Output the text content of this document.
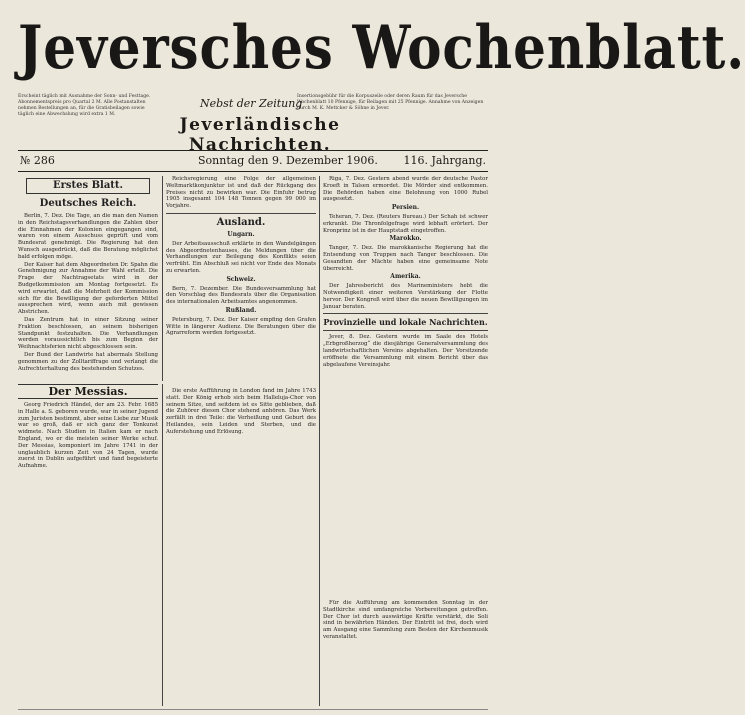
Jeversches Wochenblatt.
Erscheint täglich mit Ausnahme der Sonn- und Festtage. Abonnementspreis pro Quartal 2 M. Alle Postanstalten nehmen Bestellungen an, für die Gratisbeilagen sowie täglich eine Abwechslung wird extra 1 M.
Nebst der Zeitung
Insertionsgebühr für die Korpuszeile oder deren Raum für das Jeversche Wochenblatt 10 Pfennige, für Beilagen mit 25 Pfennige. Annahme von Anzeigen durch M. K. Mettcker & Söhne in Jever.
Jeverländische Nachrichten.
№ 286	Sonntag den 9. Dezember 1906. 116. Jahrgang.
Erstes Blatt.
Deutsches Reich.

Berlin, 7. Dez. Die Tage, an die man den Namen in den Reichstagsverhandlungen die Zahlen über die Einnahmen der Kolonien eingegangen sind, waren von einem Ausschuss geprüft und vom Bundesrat genehmigt. Die Regierung hat den Wunsch ausgedrückt, daß die Beratung möglichst bald erfolgen möge.

Der Kaiser hat dem Abgeordneten Dr. Spahn die Genehmigung zur Annahme der Wahl erteilt. Die Frage der Nachtragsetats wird in der Budgetkommission am Montag fortgesetzt. Es wird erwartet, daß die Mehrheit der Kommission sich für die Bewilligung der geforderten Mittel aussprechen wird, wenn auch mit gewissen Abstrichen.

Das Zentrum hat in einer Sitzung seiner Fraktion beschlossen, an seinem bisherigen Standpunkt festzuhalten. Die Verhandlungen werden voraussichtlich bis zum Beginn der Weihnachtsferien nicht abgeschlossen sein.

Der Bund der Landwirte hat abermals Stellung genommen zu der Zolltariffrage und verlangt die Aufrechterhaltung des bestehenden Schutzes.

Reichsregierung eine Folge der allgemeinen Weltmarktkonjunktur ist und daß der Rückgang des Preises nicht zu bewirken war. Die Einfuhr betrug 1905 insgesamt 104 148 Tonnen gegen 99 000 im Vorjahre.

Ausland.
Ungarn.

Der Arbeitsausschuß erklärte in den Wandelgängen des Abgeordnetenhauses, die Meldungen über die Verhandlungen zur Beilegung des Konflikts seien verfrüht. Ein Abschluß sei nicht vor Ende des Monats zu erwarten.

Schweiz.

Bern, 7. Dezember. Die Bundesversammlung hat den Vorschlag des Bundesrats über die Organisation des internationalen Arbeitsamtes angenommen.

Rußland.

Petersburg, 7. Dez. Der Kaiser empfing den Grafen Witte in längerer Audienz. Die Beratungen über die Agrarreform werden fortgesetzt.

Riga, 7. Dez. Gestern abend wurde der deutsche Pastor Kroeft in Talsen ermordet. Die Mörder sind entkommen. Die Behörden haben eine Belohnung von 1000 Rubel ausgesetzt.

Persien.

Teheran, 7. Dez. (Reuters Bureau.) Der Schah ist schwer erkrankt. Die Thronfolgefrage wird lebhaft erörtert. Der Kronprinz ist in der Hauptstadt eingetroffen.

Marokko.

Tanger, 7. Dez. Die marokkanische Regierung hat die Entsendung von Truppen nach Tanger beschlossen. Die Gesandten der Mächte haben eine gemeinsame Note überreicht.

Amerika.

Der Jahresbericht des Marineministers hebt die Notwendigkeit einer weiteren Verstärkung der Flotte hervor. Der Kongreß wird über die neuen Bewilligungen im Januar beraten.

Provinzielle und lokale Nachrichten.

Jever, 8. Dez. Gestern wurde im Saale des Hotels „Erbgroßherzog“ die diesjährige Generalversammlung des landwirtschaftlichen Vereins abgehalten. Der Vorsitzende eröffnete die Versammlung mit einem Bericht über das abgelaufene Vereinsjahr.

Der Messias.

Georg Friedrich Händel, der am 23. Febr. 1685 in Halle a. S. geboren wurde, war in seiner Jugend zum Juristen bestimmt, aber seine Liebe zur Musik war so groß, daß er sich ganz der Tonkunst widmete. Nach Studien in Italien kam er nach England, wo er die meisten seiner Werke schuf. Der Messias, komponiert im Jahre 1741 in der unglaublich kurzen Zeit von 24 Tagen, wurde zuerst in Dublin aufgeführt und fand begeisterte Aufnahme.

Die erste Aufführung in London fand im Jahre 1743 statt. Der König erhob sich beim Halleluja-Chor von seinem Sitze, und seitdem ist es Sitte geblieben, daß die Zuhörer diesen Chor stehend anhören. Das Werk zerfällt in drei Teile: die Verheißung und Geburt des Heilandes, sein Leiden und Sterben, und die Auferstehung und Erlösung.

Für die Aufführung am kommenden Sonntag in der Stadtkirche sind umfangreiche Vorbereitungen getroffen. Der Chor ist durch auswärtige Kräfte verstärkt, die Soli sind in bewährten Händen. Der Eintritt ist frei, doch wird am Ausgang eine Sammlung zum Besten der Kirchenmusik veranstaltet.
